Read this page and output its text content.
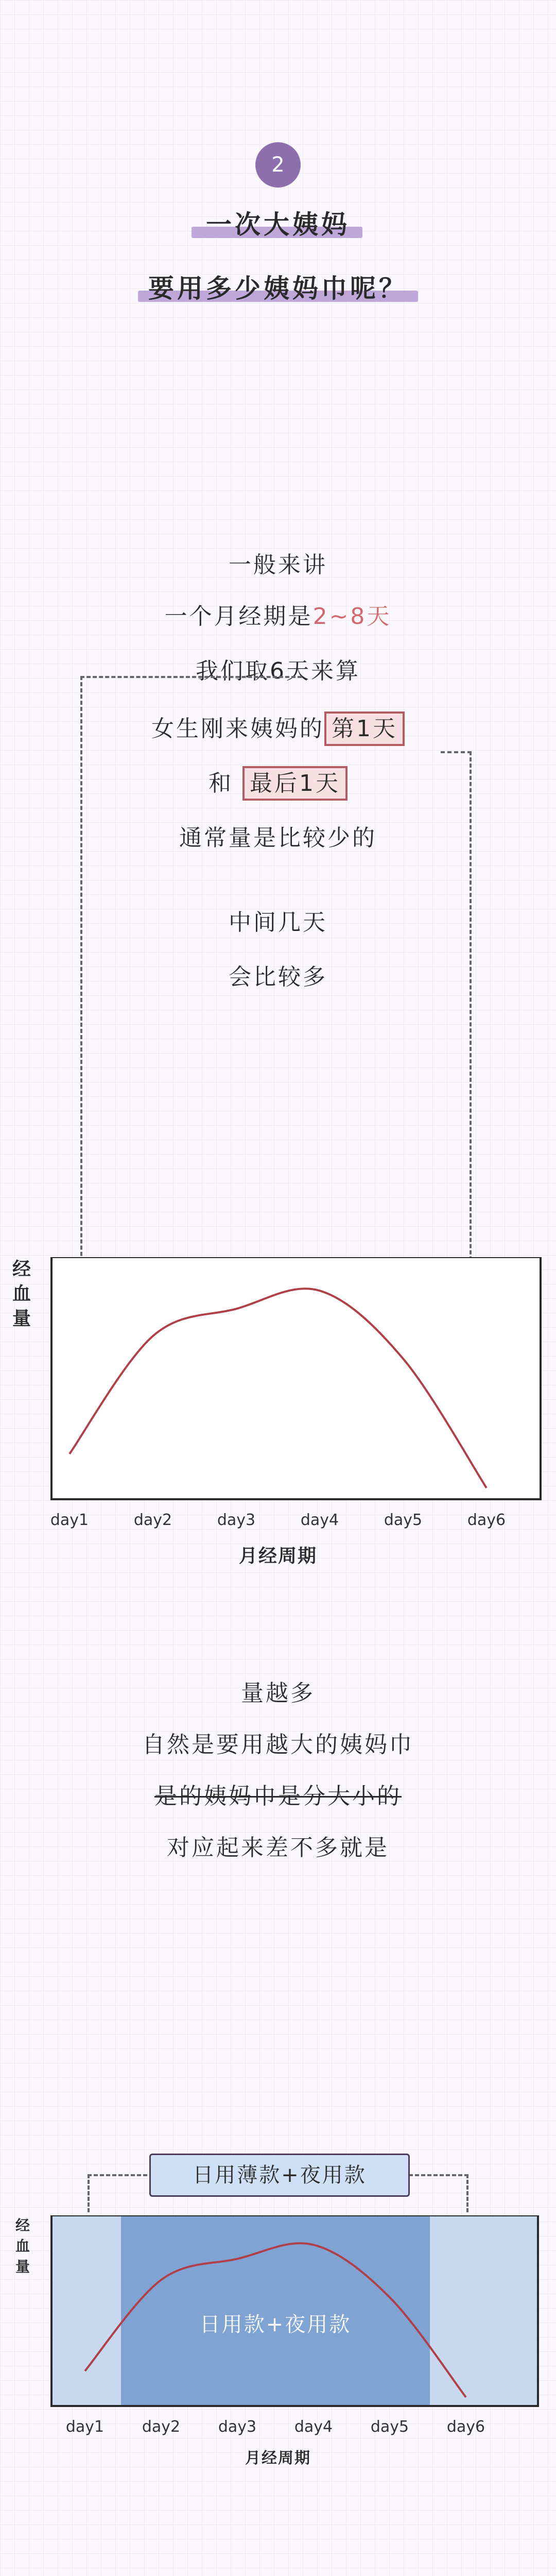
2
一次大姨妈
要用多少姨妈巾呢？
一般来讲
一个月经期是2~8天
我们取6天来算
女生刚来姨妈的 第1天
和 最后1天
通常量是比较少的
中间几天
会比较多
经血量
day1	day2	day3	day4	day5	day6
月经周期
量越多
自然是要用越大的姨妈巾
是的姨妈巾是分大小的
对应起来差不多就是
日用薄款+夜用款
经血量
day1 day2 day3 day4 day5 day6
日用款+夜用款
月经周期
